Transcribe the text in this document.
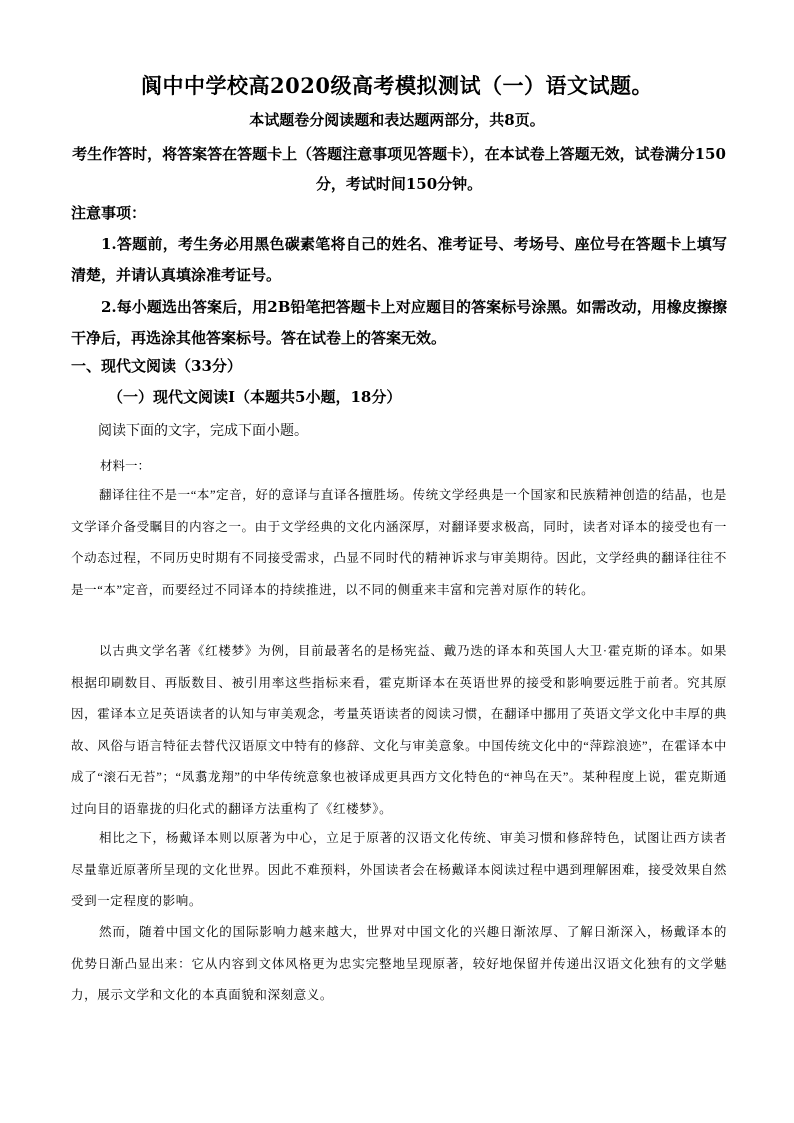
阆中中学校高2020级高考模拟测试（一）语文试题。
本试题卷分阅读题和表达题两部分，共8页。
考生作答时，将答案答在答题卡上（答题注意事项见答题卡），在本试卷上答题无效，试卷满分150分，考试时间150分钟。
注意事项：
1.答题前，考生务必用黑色碳素笔将自己的姓名、准考证号、考场号、座位号在答题卡上填写清楚，并请认真填涂准考证号。
2.每小题选出答案后，用2B铅笔把答题卡上对应题目的答案标号涂黑。如需改动，用橡皮擦擦干净后，再选涂其他答案标号。答在试卷上的答案无效。
一、现代文阅读（33分）
（一）现代文阅读Ⅰ（本题共5小题，18分）
阅读下面的文字，完成下面小题。
材料一：
翻译往往不是一“本”定音，好的意译与直译各擅胜场。传统文学经典是一个国家和民族精神创造的结晶，也是文学译介备受瞩目的内容之一。由于文学经典的文化内涵深厚，对翻译要求极高，同时，读者对译本的接受也有一个动态过程，不同历史时期有不同接受需求，凸显不同时代的精神诉求与审美期待。因此，文学经典的翻译往往不是一“本”定音，而要经过不同译本的持续推进，以不同的侧重来丰富和完善对原作的转化。
以古典文学名著《红楼梦》为例，目前最著名的是杨宪益、戴乃迭的译本和英国人大卫·霍克斯的译本。如果根据印刷数目、再版数目、被引用率这些指标来看，霍克斯译本在英语世界的接受和影响要远胜于前者。究其原因，霍译本立足英语读者的认知与审美观念，考量英语读者的阅读习惯，在翻译中挪用了英语文学文化中丰厚的典故、风俗与语言特征去替代汉语原文中特有的修辞、文化与审美意象。中国传统文化中的“萍踪浪迹”，在霍译本中成了“滚石无苔”；“凤翥龙翔”的中华传统意象也被译成更具西方文化特色的“神鸟在天”。某种程度上说，霍克斯通过向目的语靠拢的归化式的翻译方法重构了《红楼梦》。
相比之下，杨戴译本则以原著为中心，立足于原著的汉语文化传统、审美习惯和修辞特色，试图让西方读者尽量靠近原著所呈现的文化世界。因此不难预料，外国读者会在杨戴译本阅读过程中遇到理解困难，接受效果自然受到一定程度的影响。
然而，随着中国文化的国际影响力越来越大，世界对中国文化的兴趣日渐浓厚、了解日渐深入，杨戴译本的优势日渐凸显出来：它从内容到文体风格更为忠实完整地呈现原著，较好地保留并传递出汉语文化独有的文学魅力，展示文学和文化的本真面貌和深刻意义。
